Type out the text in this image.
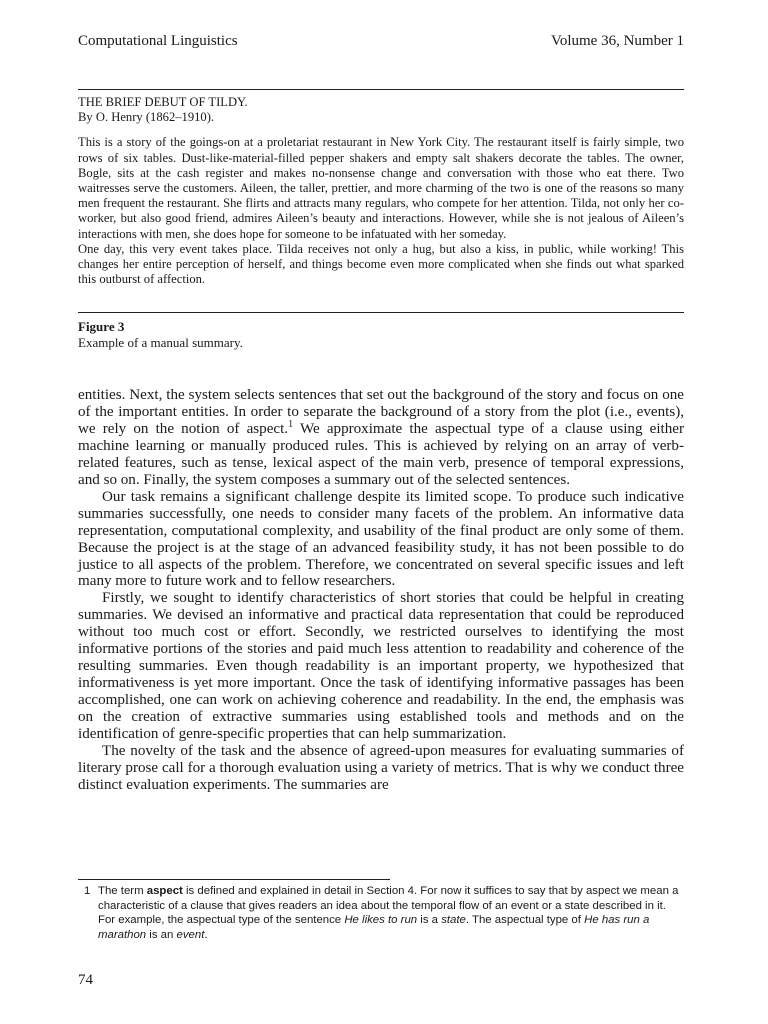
Computational Linguistics	Volume 36, Number 1

THE BRIEF DEBUT OF TILDY.

By O. Henry (1862–1910).

This is a story of the goings-on at a proletariat restaurant in New York City. The restaurant itself is fairly simple, two rows of six tables. Dust-like-material-filled pepper shakers and empty salt shakers decorate the tables. The owner, Bogle, sits at the cash register and makes no-nonsense change and conversation with those who eat there. Two waitresses serve the customers. Aileen, the taller, prettier, and more charming of the two is one of the reasons so many men frequent the restaurant. She flirts and attracts many regulars, who compete for her attention. Tilda, not only her co-worker, but also good friend, admires Aileen’s beauty and interactions. However, while she is not jealous of Aileen’s interactions with men, she does hope for someone to be infatuated with her someday.

One day, this very event takes place. Tilda receives not only a hug, but also a kiss, in public, while working! This changes her entire perception of herself, and things become even more complicated when she finds out what sparked this outburst of affection.

Figure 3
Example of a manual summary.

entities. Next, the system selects sentences that set out the background of the story and focus on one of the important entities. In order to separate the background of a story from the plot (i.e., events), we rely on the notion of aspect.$^1$ We approximate the aspectual type of a clause using either machine learning or manually produced rules. This is achieved by relying on an array of verb-related features, such as tense, lexical aspect of the main verb, presence of temporal expressions, and so on. Finally, the system composes a summary out of the selected sentences.

Our task remains a significant challenge despite its limited scope. To produce such indicative summaries successfully, one needs to consider many facets of the problem. An informative data representation, computational complexity, and usability of the final product are only some of them. Because the project is at the stage of an advanced feasibility study, it has not been possible to do justice to all aspects of the problem. Therefore, we concentrated on several specific issues and left many more to future work and to fellow researchers.

Firstly, we sought to identify characteristics of short stories that could be helpful in creating summaries. We devised an informative and practical data representation that could be reproduced without too much cost or effort. Secondly, we restricted ourselves to identifying the most informative portions of the stories and paid much less attention to readability and coherence of the resulting summaries. Even though readability is an important property, we hypothesized that informativeness is yet more important. Once the task of identifying informative passages has been accomplished, one can work on achieving coherence and readability. In the end, the emphasis was on the creation of extractive summaries using established tools and methods and on the identification of genre-specific properties that can help summarization.

The novelty of the task and the absence of agreed-upon measures for evaluating summaries of literary prose call for a thorough evaluation using a variety of metrics. That is why we conduct three distinct evaluation experiments. The summaries are

1 The term aspect is defined and explained in detail in Section 4. For now it suffices to say that by aspect we mean a characteristic of a clause that gives readers an idea about the temporal flow of an event or a state described in it. For example, the aspectual type of the sentence He likes to run is a state. The aspectual type of He has run a marathon is an event.
74
